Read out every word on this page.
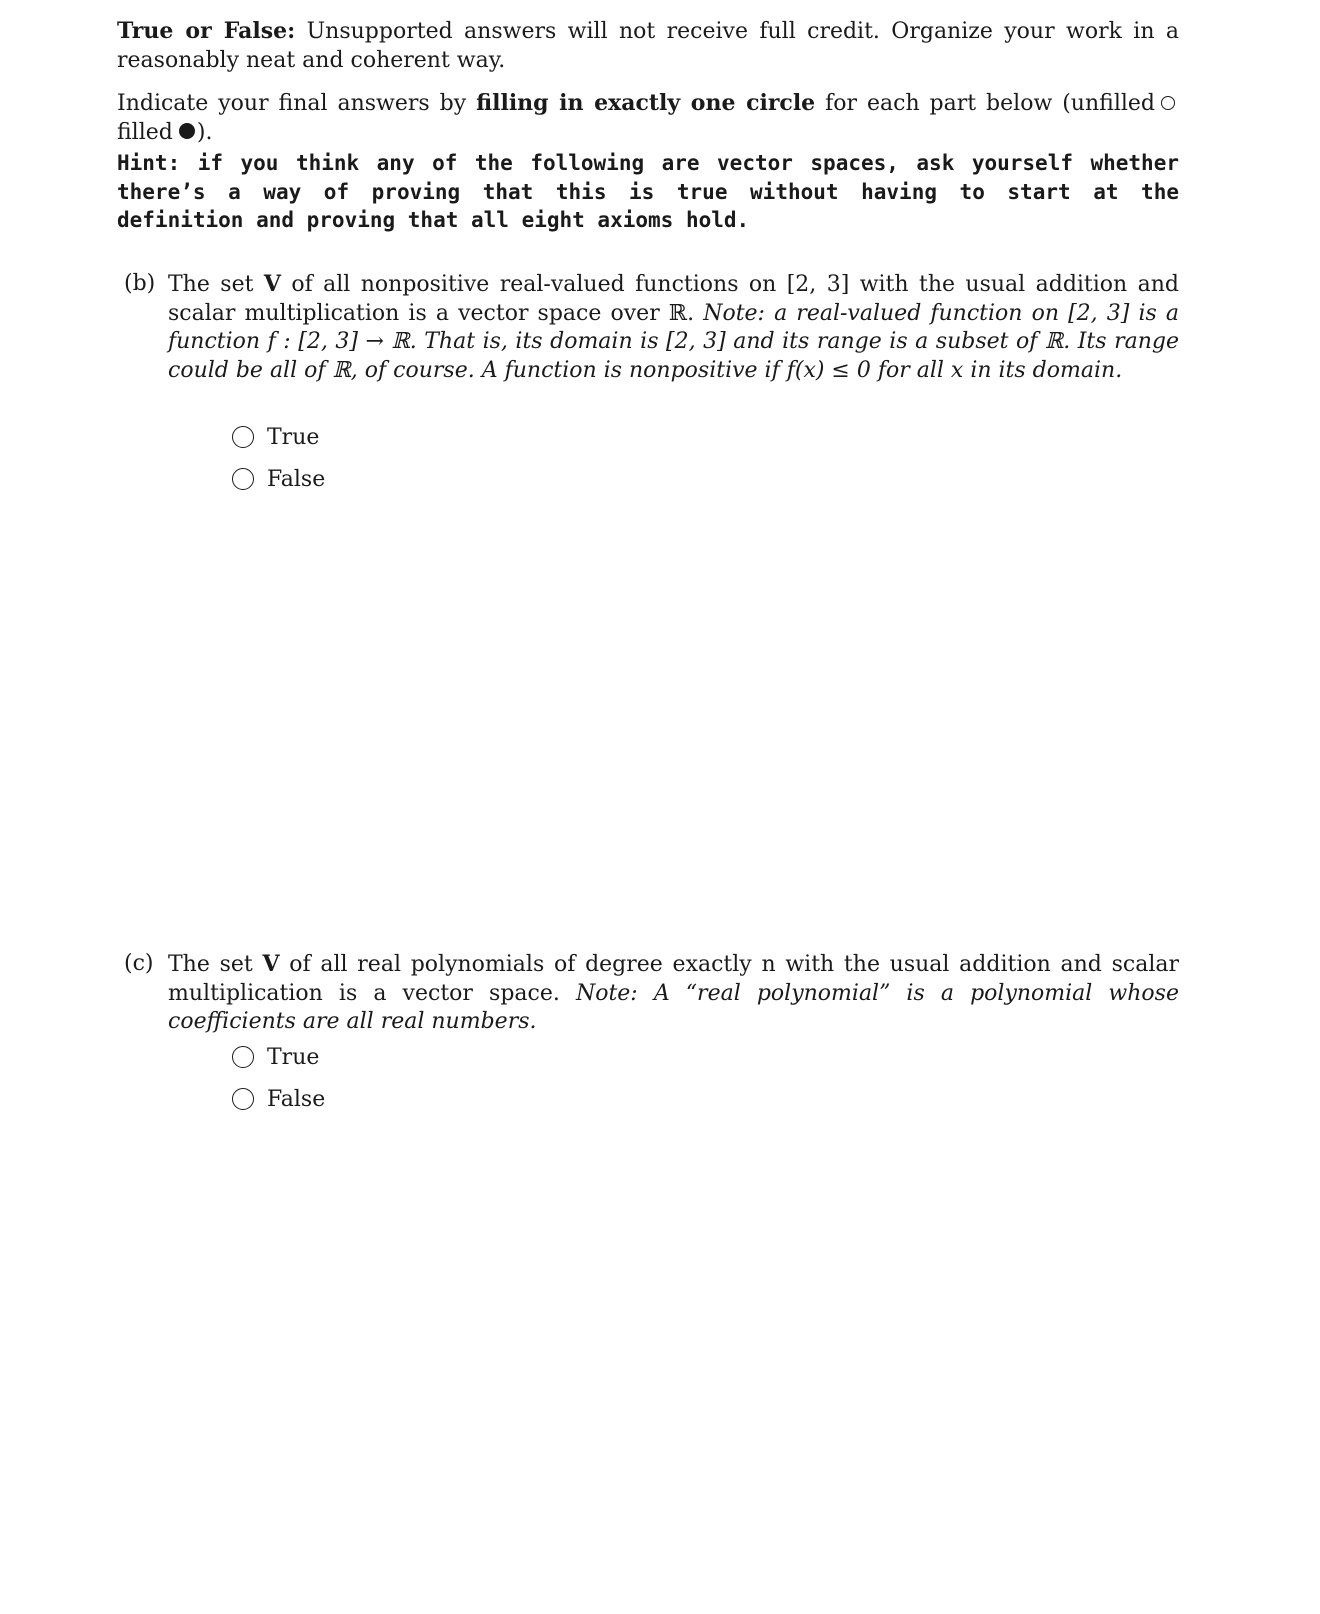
True or False: Unsupported answers will not receive full credit. Organize your work in a reasonably neat and coherent way.
Indicate your final answers by filling in exactly one circle for each part below (unfilled filled ).
Hint: if you think any of the following are vector spaces, ask yourself whether there’s a way of proving that this is true without having to start at the definition and proving that all eight axioms hold.
(b) The set V of all nonpositive real-valued functions on [2, 3] with the usual addition and scalar multiplication is a vector space over ℝ. Note: a real-valued function on [2, 3] is a function f : [2, 3] → ℝ. That is, its domain is [2, 3] and its range is a subset of ℝ. Its range could be all of ℝ, of course. A function is nonpositive if f(x) ≤ 0 for all x in its domain.
True
False
(c) The set V of all real polynomials of degree exactly n with the usual addition and scalar multiplication is a vector space. Note: A “real polynomial” is a polynomial whose coefficients are all real numbers.
True
False
